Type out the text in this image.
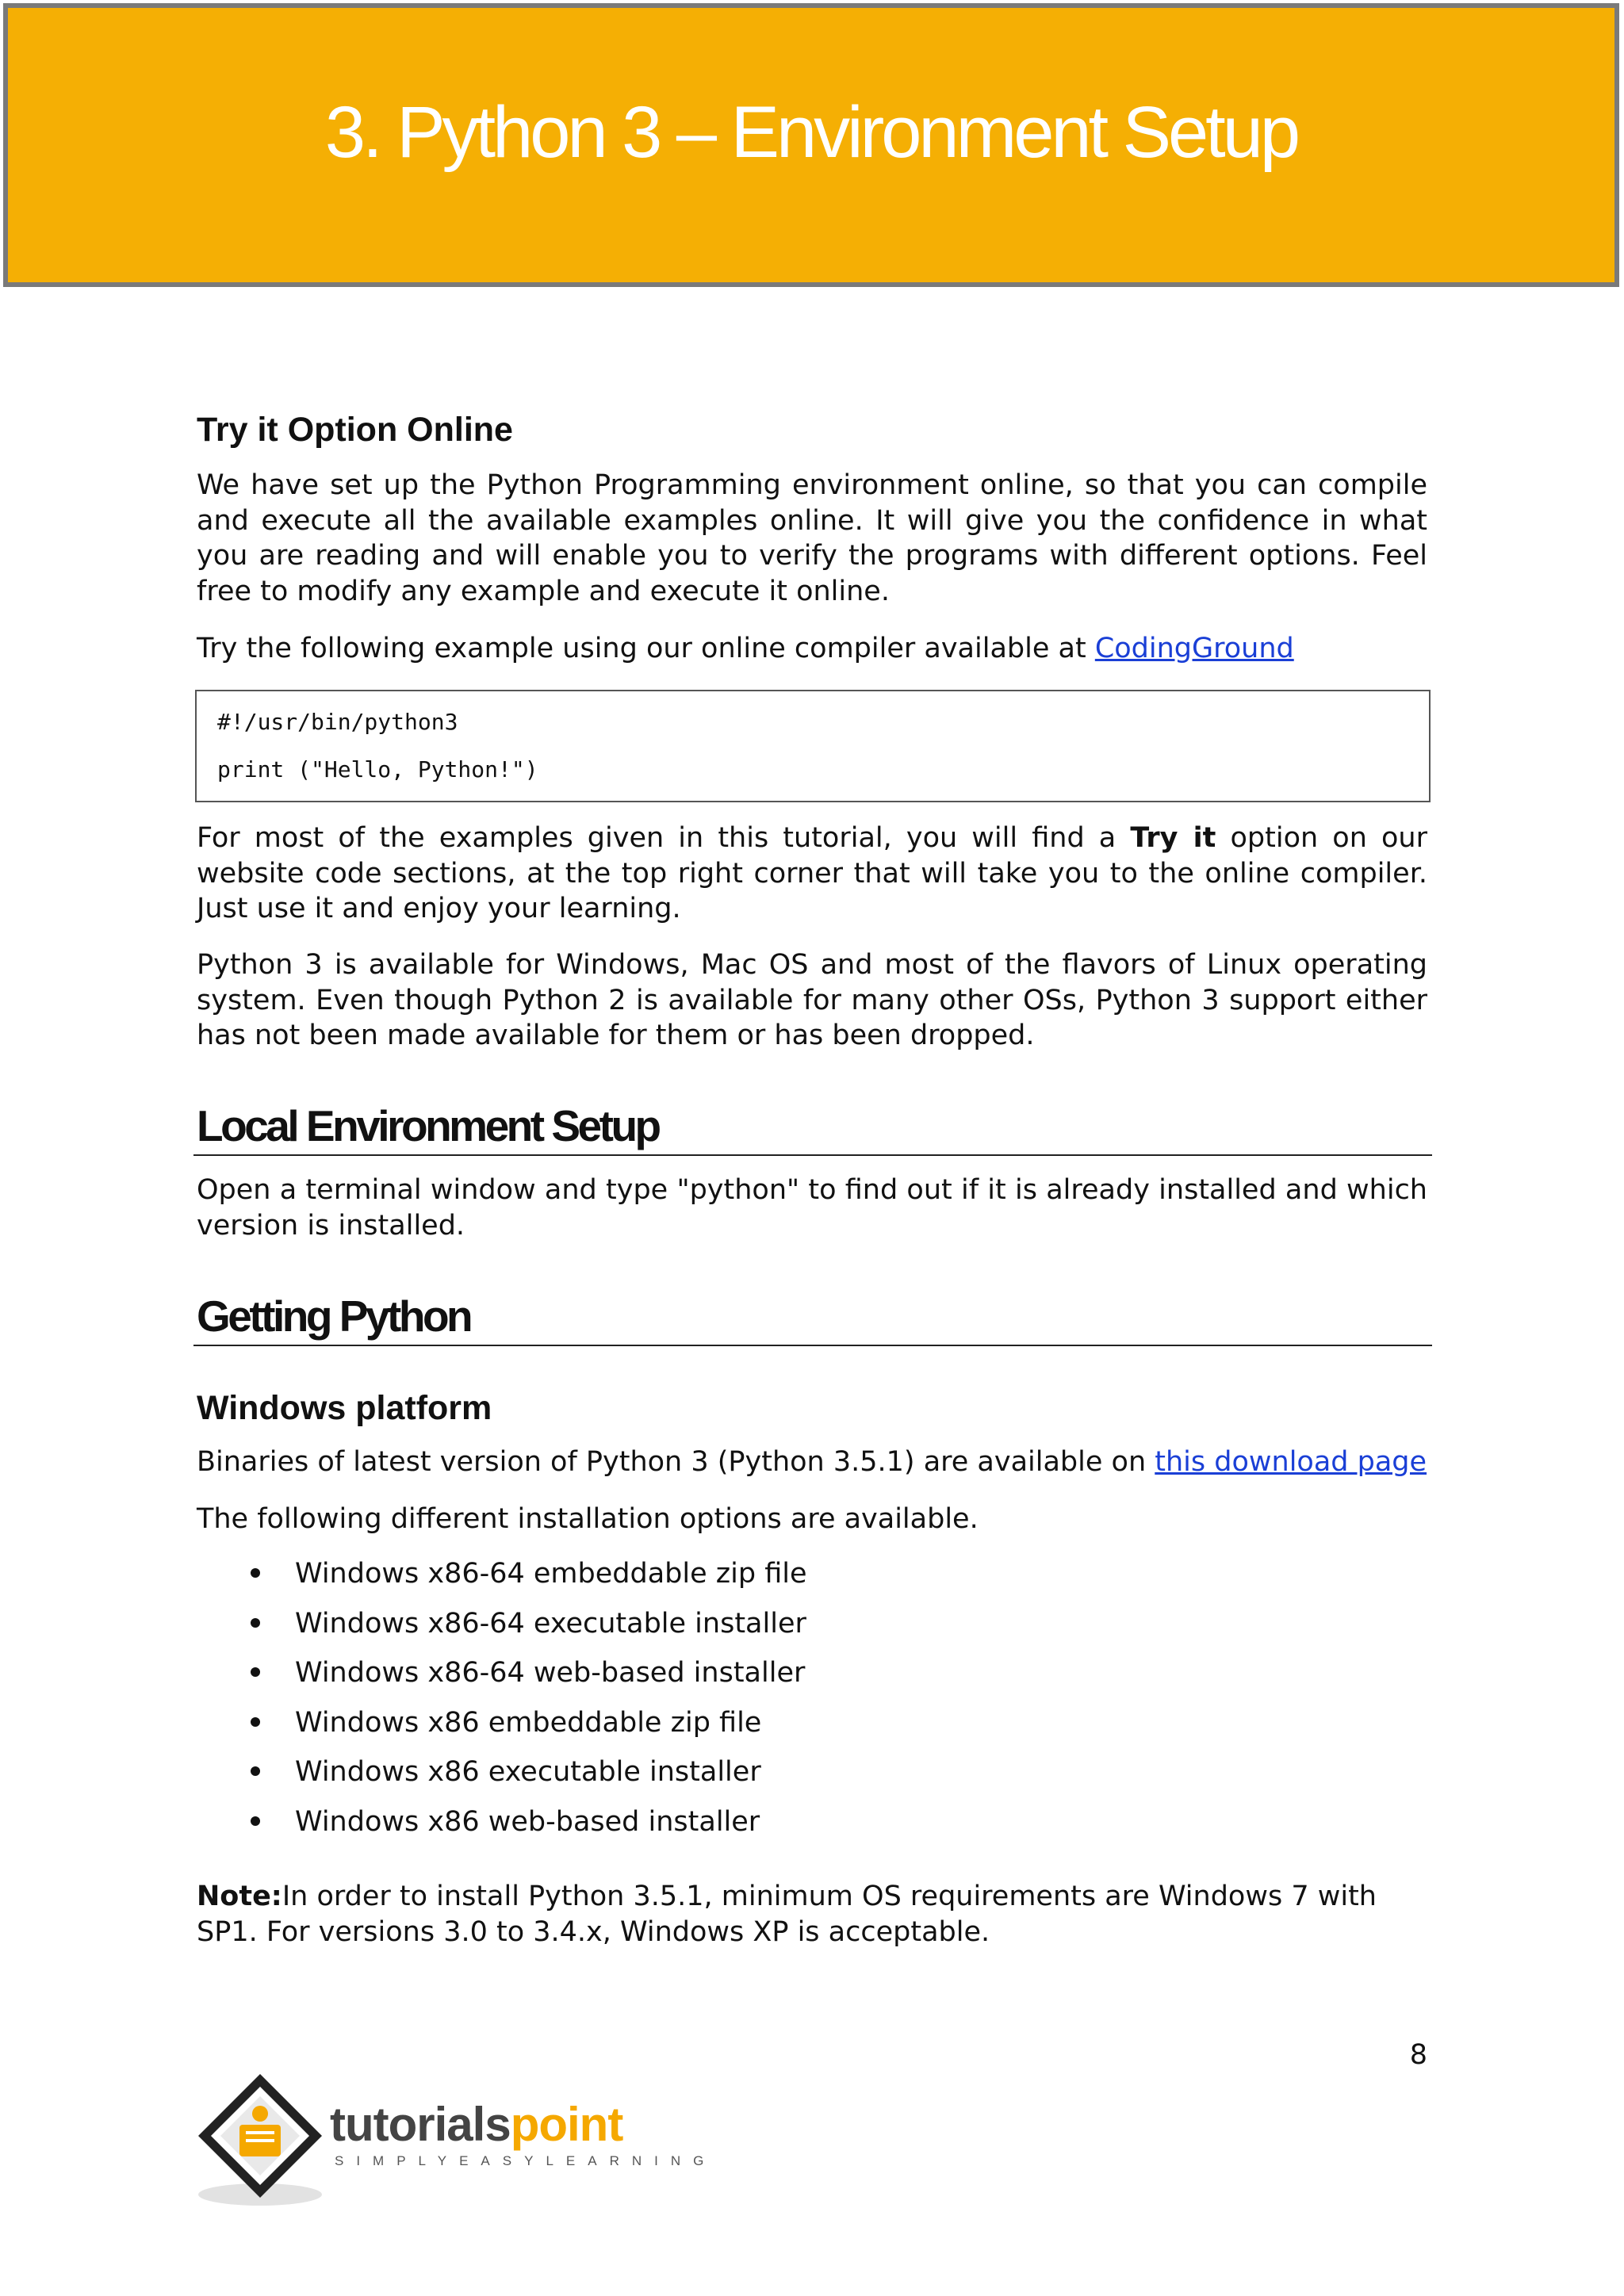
3. Python 3 – Environment Setup
Try it Option Online

We have set up the Python Programming environment online, so that you can compile and execute all the available examples online. It will give you the confidence in what you are reading and will enable you to verify the programs with different options. Feel free to modify any example and execute it online.

Try the following example using our online compiler available at CodingGround

#!/usr/bin/python3
print ("Hello, Python!")

For most of the examples given in this tutorial, you will find a Try it option on our website code sections, at the top right corner that will take you to the online compiler. Just use it and enjoy your learning.

Python 3 is available for Windows, Mac OS and most of the flavors of Linux operating system. Even though Python 2 is available for many other OSs, Python 3 support either has not been made available for them or has been dropped.

Local Environment Setup

Open a terminal window and type "python" to find out if it is already installed and which version is installed.

Getting Python
Windows platform

Binaries of latest version of Python 3 (Python 3.5.1) are available on this download page

The following different installation options are available.

Windows x86-64 embeddable zip file
Windows x86-64 executable installer
Windows x86-64 web-based installer
Windows x86 embeddable zip file
Windows x86 executable installer
Windows x86 web-based installer

Note:In order to install Python 3.5.1, minimum OS requirements are Windows 7 with SP1. For versions 3.0 to 3.4.x, Windows XP is acceptable.

8
tutorialspoint
SIMPLYEASYLEARNING
